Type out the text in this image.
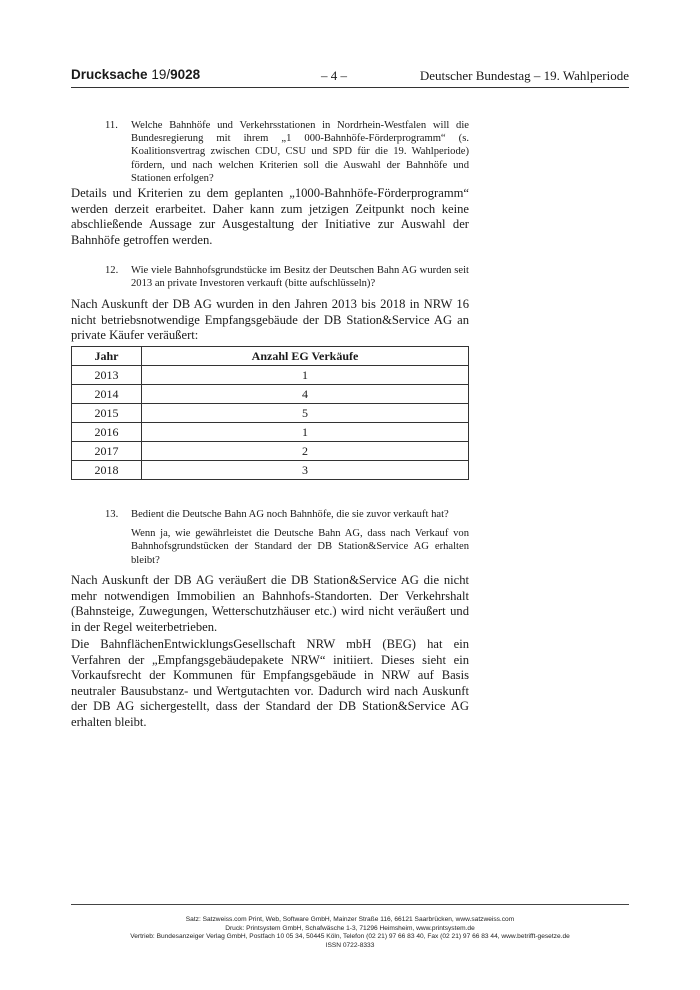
Drucksache 19/9028	– 4 –	Deutscher Bundestag – 19. Wahlperiode
11. Welche Bahnhöfe und Verkehrsstationen in Nordrhein-Westfalen will die Bundesregierung mit ihrem „1 000-Bahnhöfe-Förderprogramm“ (s. Koalitionsvertrag zwischen CDU, CSU und SPD für die 19. Wahlperiode) fördern, und nach welchen Kriterien soll die Auswahl der Bahnhöfe und Stationen erfolgen?
Details und Kriterien zu dem geplanten „1000-Bahnhöfe-Förderprogramm“ werden derzeit erarbeitet. Daher kann zum jetzigen Zeitpunkt noch keine abschließende Aussage zur Ausgestaltung der Initiative zur Auswahl der Bahnhöfe getroffen werden.
12. Wie viele Bahnhofsgrundstücke im Besitz der Deutschen Bahn AG wurden seit 2013 an private Investoren verkauft (bitte aufschlüsseln)?
Nach Auskunft der DB AG wurden in den Jahren 2013 bis 2018 in NRW 16 nicht betriebsnotwendige Empfangsgebäude der DB Station&Service AG an private Käufer veräußert:
Jahr	Anzahl EG Verkäufe
2013	1
2014	4
2015	5
2016	1
2017	2
2018	3
13. Bedient die Deutsche Bahn AG noch Bahnhöfe, die sie zuvor verkauft hat?
Wenn ja, wie gewährleistet die Deutsche Bahn AG, dass nach Verkauf von Bahnhofsgrundstücken der Standard der DB Station&Service AG erhalten bleibt?
Nach Auskunft der DB AG veräußert die DB Station&Service AG die nicht mehr notwendigen Immobilien an Bahnhofs-Standorten. Der Verkehrshalt (Bahnsteige, Zuwegungen, Wetterschutzhäuser etc.) wird nicht veräußert und in der Regel weiterbetrieben.
Die BahnflächenEntwicklungsGesellschaft NRW mbH (BEG) hat ein Verfahren der „Empfangsgebäudepakete NRW“ initiiert. Dieses sieht ein Vorkaufsrecht der Kommunen für Empfangsgebäude in NRW auf Basis neutraler Bausubstanz- und Wertgutachten vor. Dadurch wird nach Auskunft der DB AG sichergestellt, dass der Standard der DB Station&Service AG erhalten bleibt.
Satz: Satzweiss.com Print, Web, Software GmbH, Mainzer Straße 116, 66121 Saarbrücken, www.satzweiss.com
Druck: Printsystem GmbH, Schafwäsche 1-3, 71296 Heimsheim, www.printsystem.de
Vertrieb: Bundesanzeiger Verlag GmbH, Postfach 10 05 34, 50445 Köln, Telefon (02 21) 97 66 83 40, Fax (02 21) 97 66 83 44, www.betrifft-gesetze.de
ISSN 0722-8333
